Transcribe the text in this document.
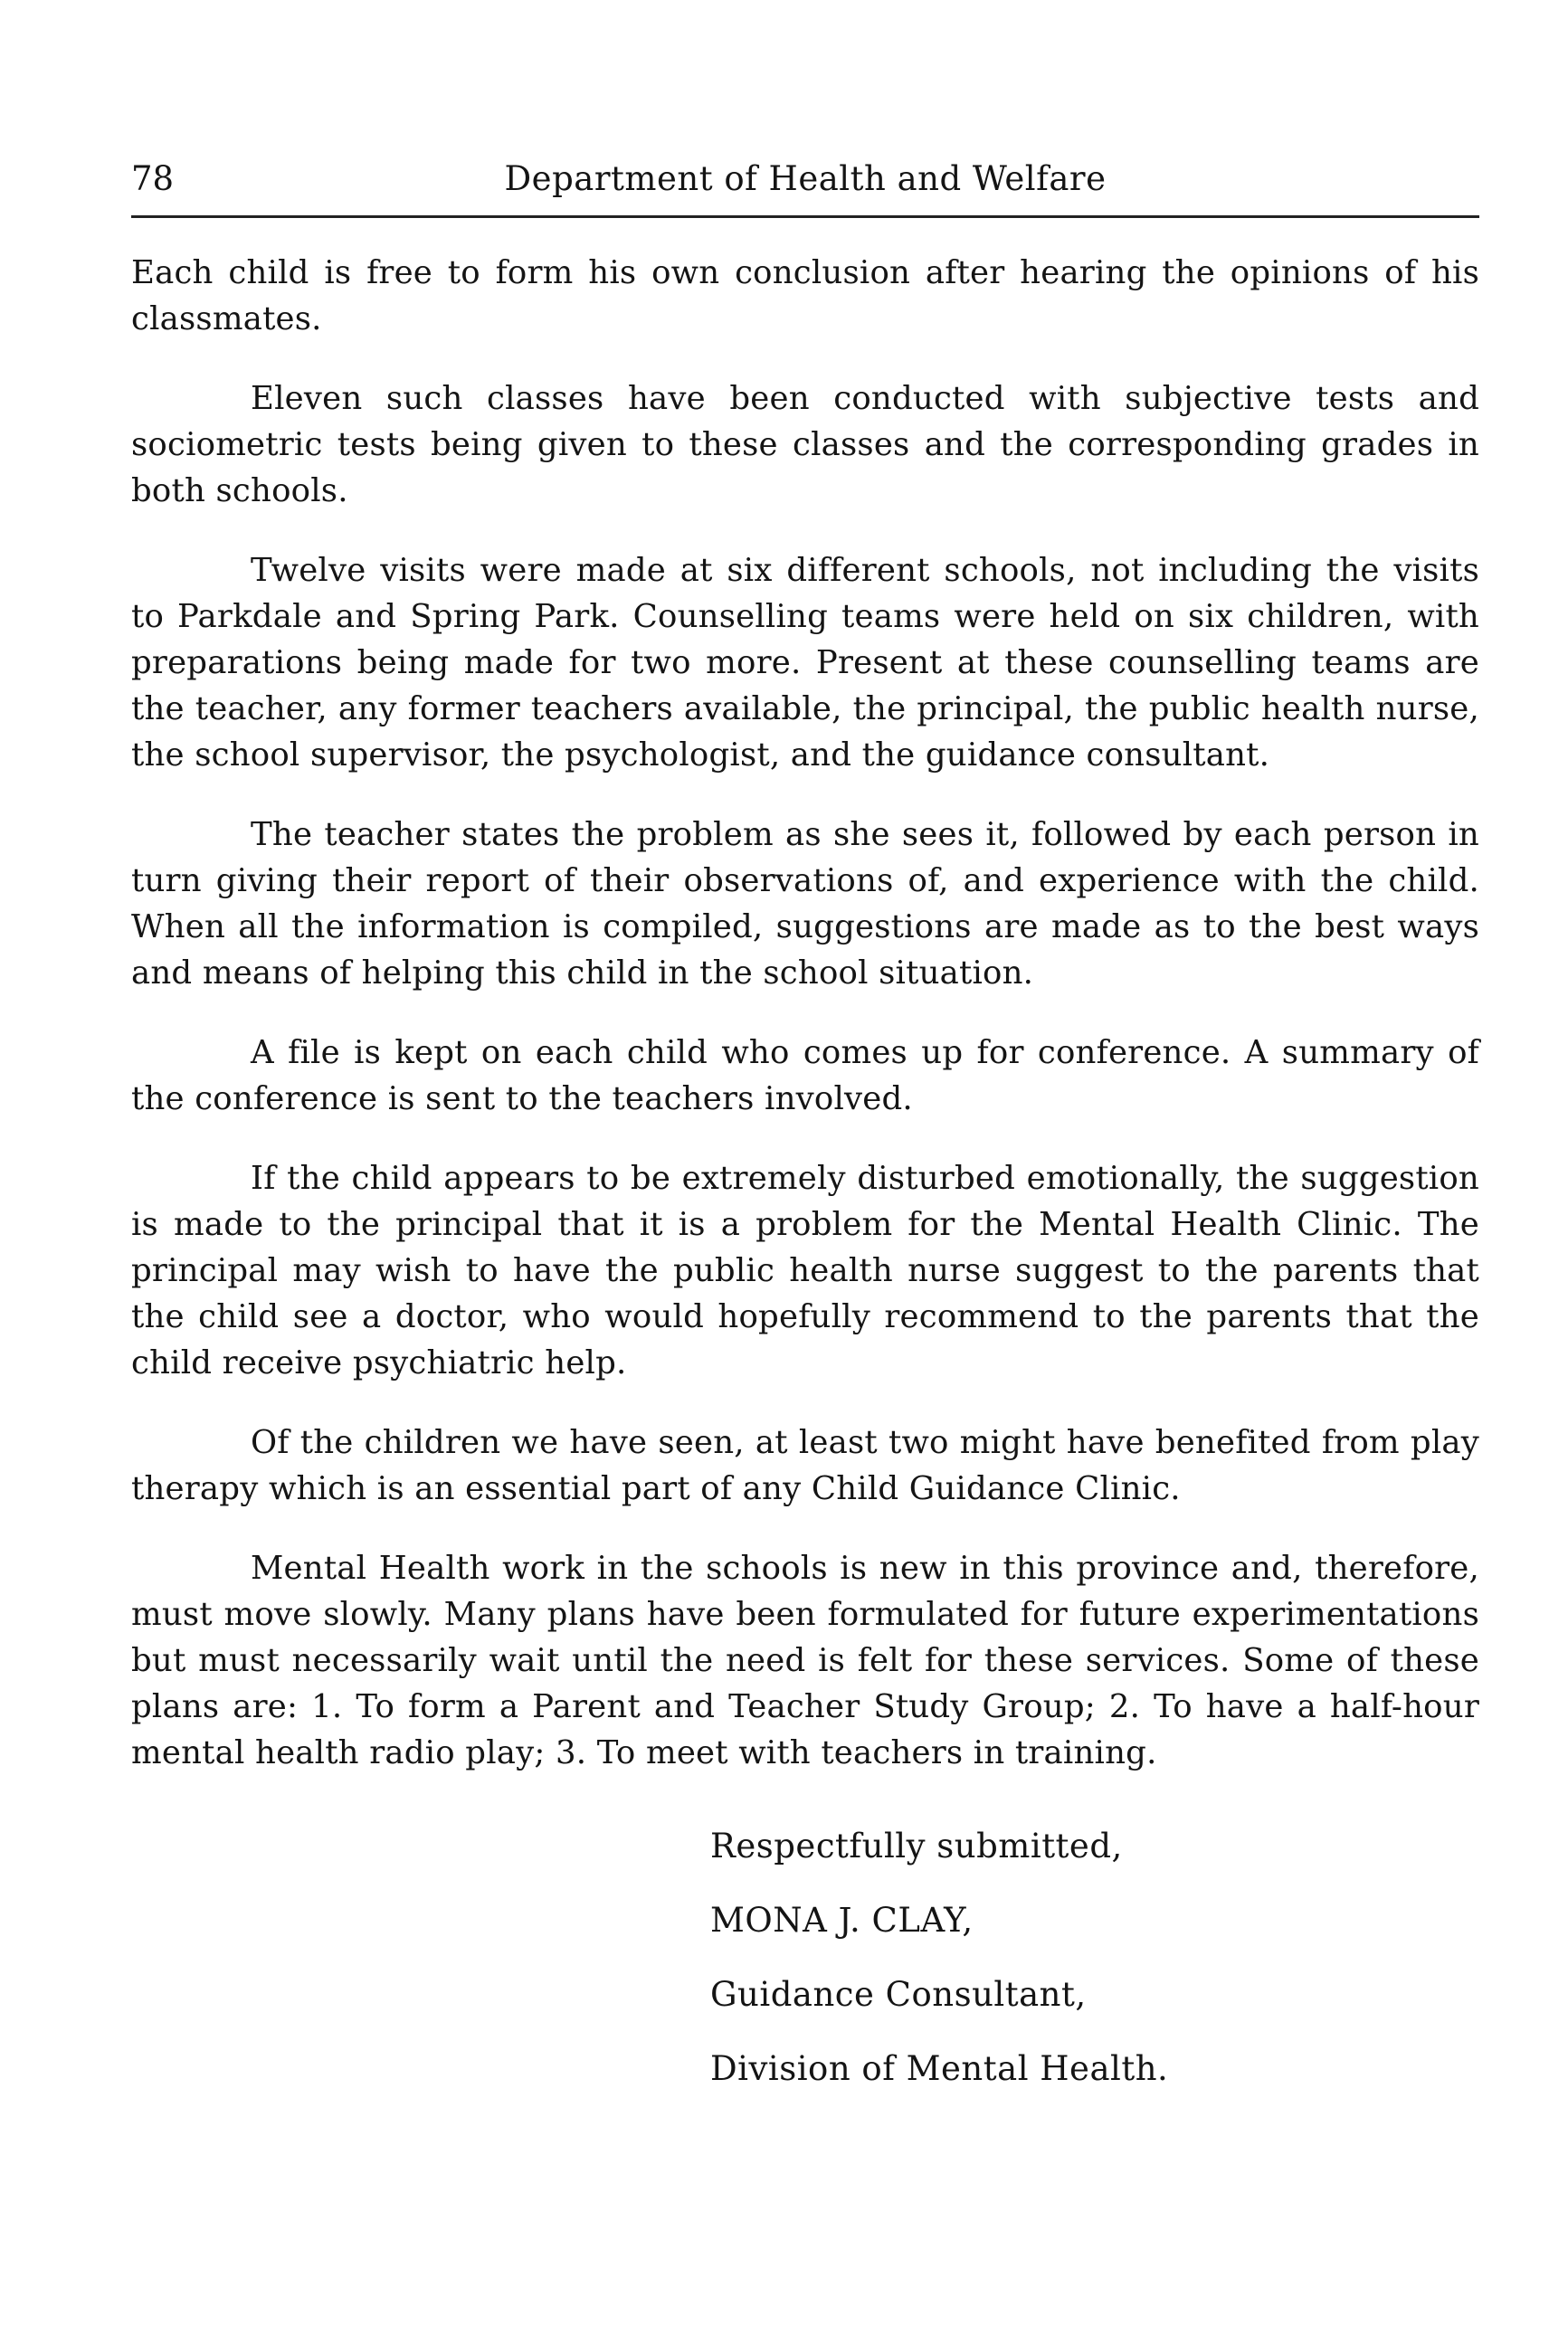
78	Department of Health and Welfare

Each child is free to form his own conclusion after hearing the opinions of his classmates.

Eleven such classes have been conducted with subjective tests and sociometric tests being given to these classes and the corresponding grades in both schools.

Twelve visits were made at six different schools, not including the visits to Parkdale and Spring Park. Counselling teams were held on six children, with preparations being made for two more. Present at these counselling teams are the teacher, any former teachers available, the principal, the public health nurse, the school supervisor, the psychologist, and the guidance consultant.

The teacher states the problem as she sees it, followed by each person in turn giving their report of their observations of, and experience with the child. When all the information is compiled, suggestions are made as to the best ways and means of helping this child in the school situation.

A file is kept on each child who comes up for conference. A summary of the conference is sent to the teachers involved.

If the child appears to be extremely disturbed emotionally, the suggestion is made to the principal that it is a problem for the Mental Health Clinic. The principal may wish to have the public health nurse suggest to the parents that the child see a doctor, who would hopefully recommend to the parents that the child receive psychiatric help.

Of the children we have seen, at least two might have benefited from play therapy which is an essential part of any Child Guidance Clinic.

Mental Health work in the schools is new in this province and, therefore, must move slowly. Many plans have been formulated for future experimentations but must necessarily wait until the need is felt for these services. Some of these plans are: 1. To form a Parent and Teacher Study Group; 2. To have a half-hour mental health radio play; 3. To meet with teachers in training.

Respectfully submitted,
MONA J. CLAY,
Guidance Consultant,
Division of Mental Health.
